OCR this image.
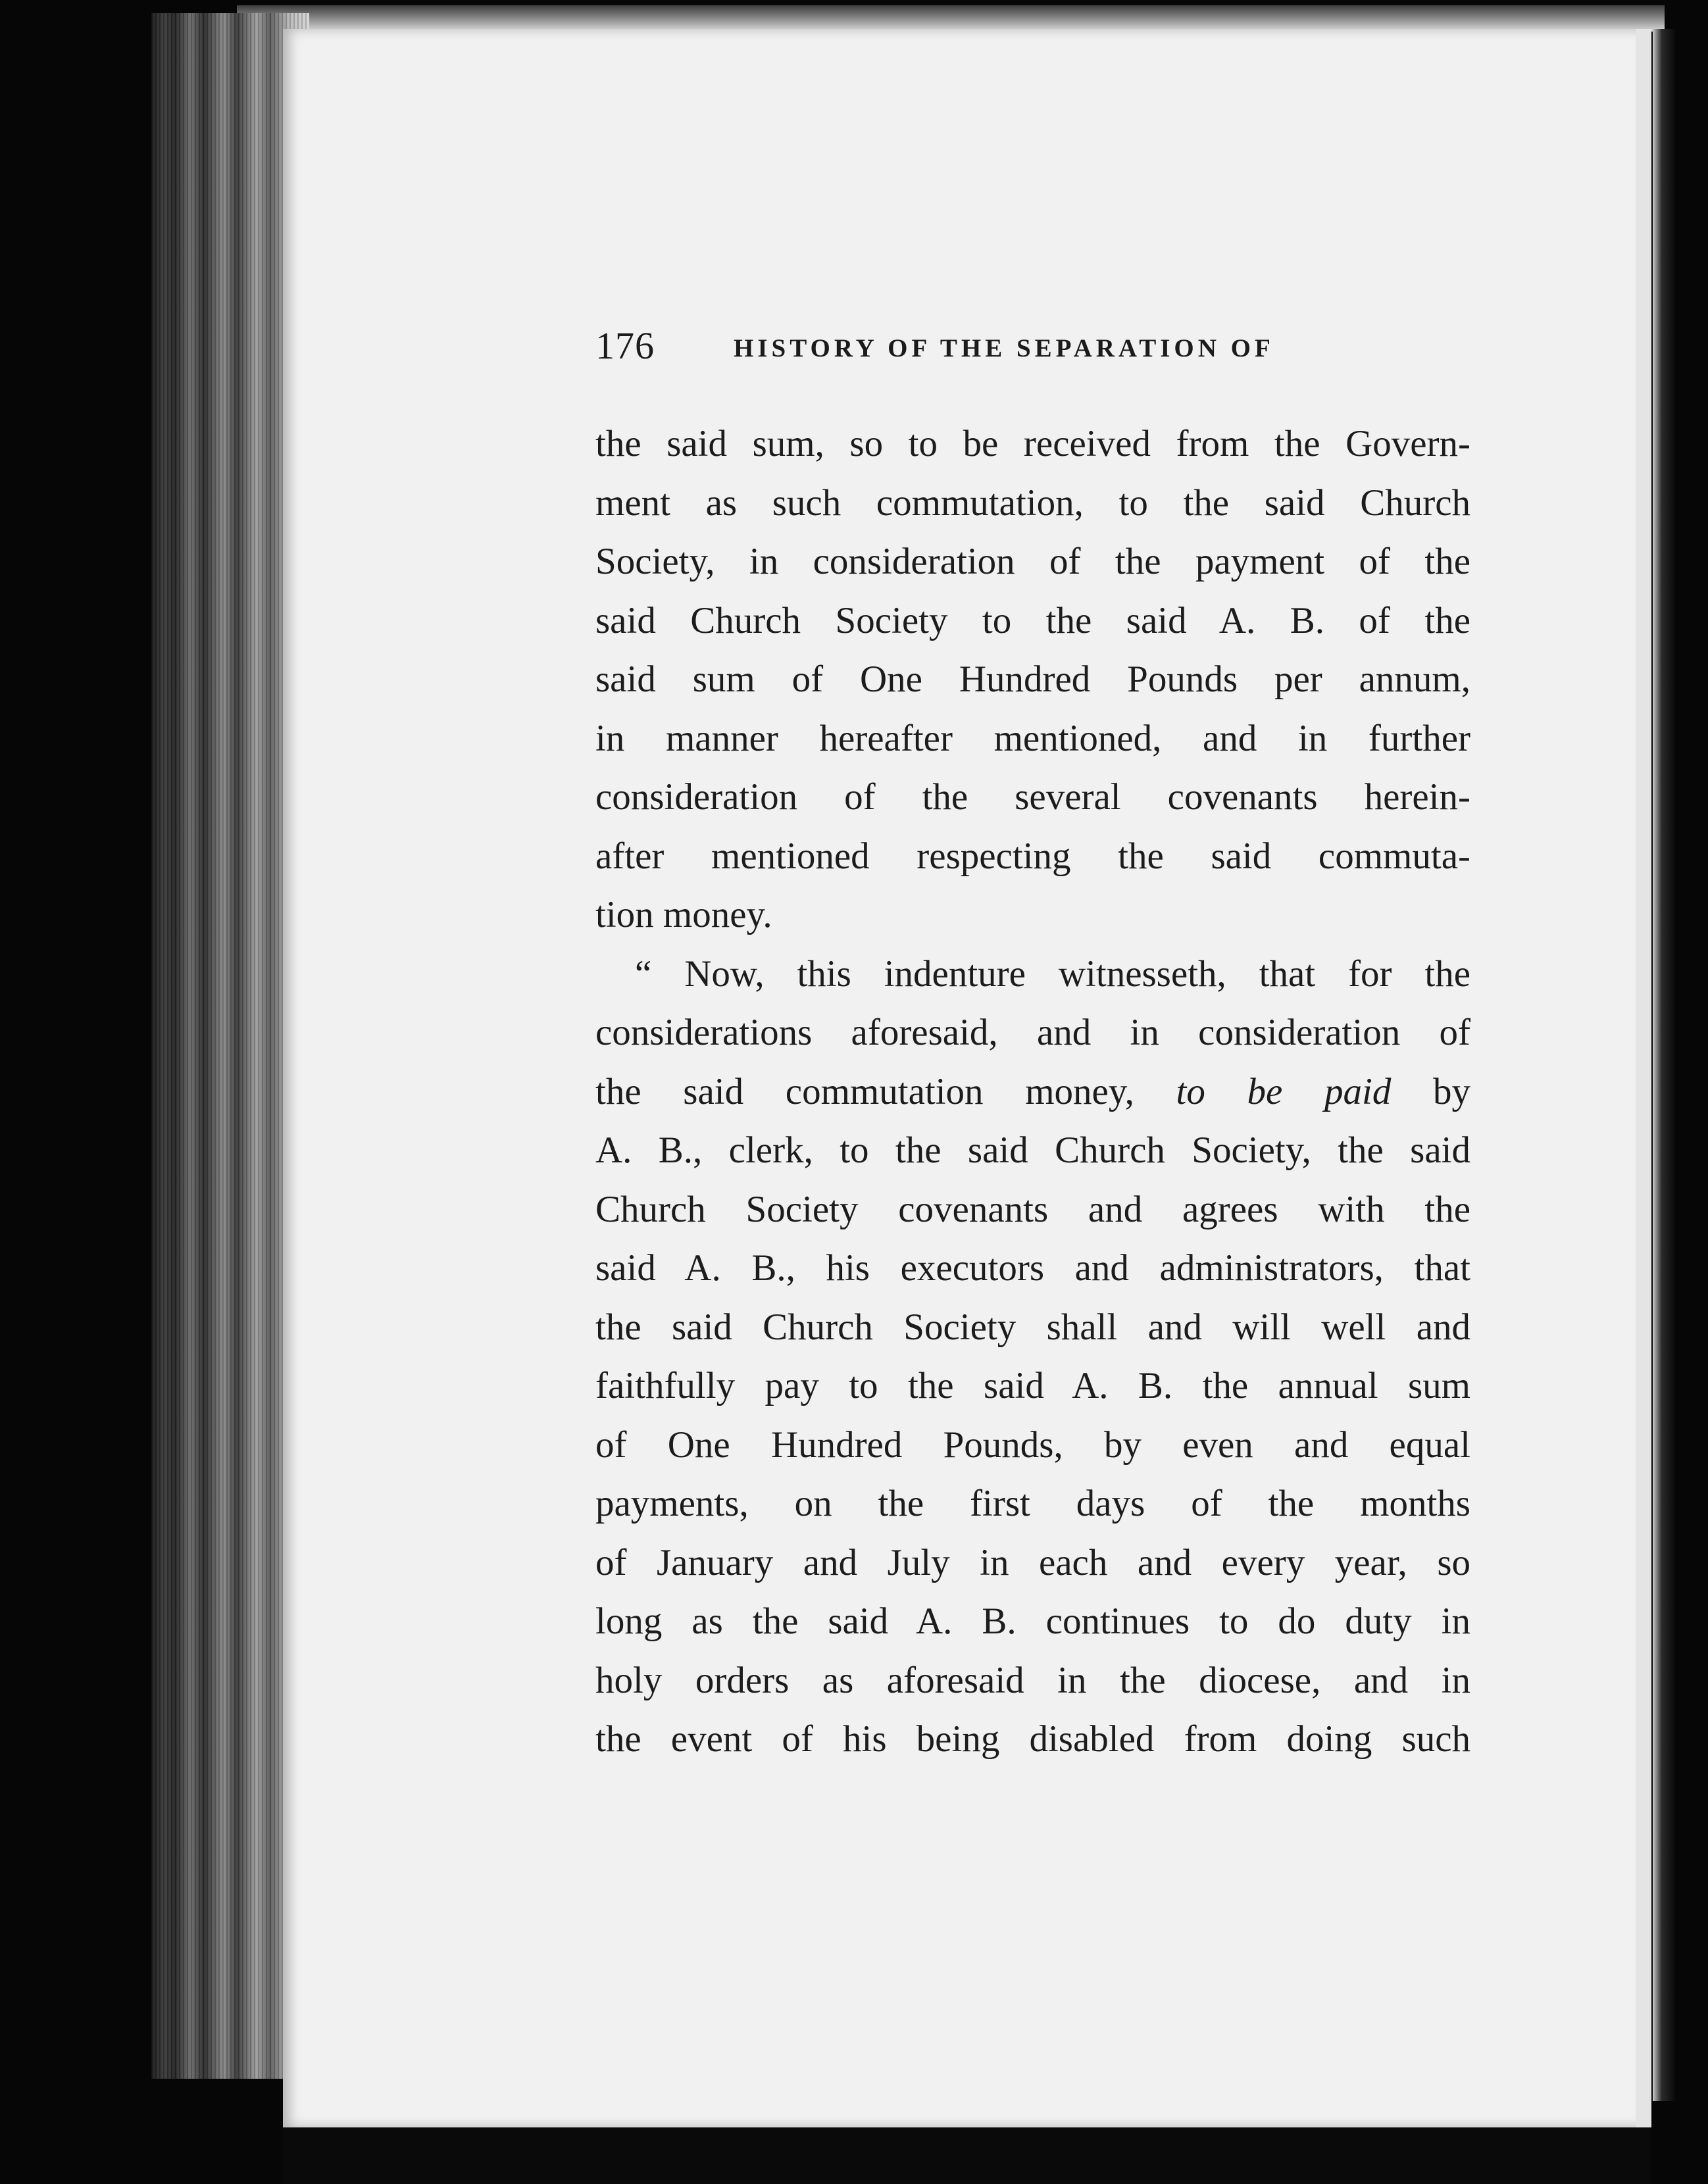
176	HISTORY OF THE SEPARATION OF
the said sum, so to be received from the Govern-
ment as such commutation, to the said Church
Society, in consideration of the payment of the
said Church Society to the said A. B. of the
said sum of One Hundred Pounds per annum,
in manner hereafter mentioned, and in further
consideration of the several covenants herein-
after mentioned respecting the said commuta-
tion money.
“ Now, this indenture witnesseth, that for the
considerations aforesaid, and in consideration of
the said commutation money, to be paid by
A. B., clerk, to the said Church Society, the said
Church Society covenants and agrees with the
said A. B., his executors and administrators, that
the said Church Society shall and will well and
faithfully pay to the said A. B. the annual sum
of One Hundred Pounds, by even and equal
payments, on the first days of the months
of January and July in each and every year, so
long as the said A. B. continues to do duty in
holy orders as aforesaid in the diocese, and in
the event of his being disabled from doing such
